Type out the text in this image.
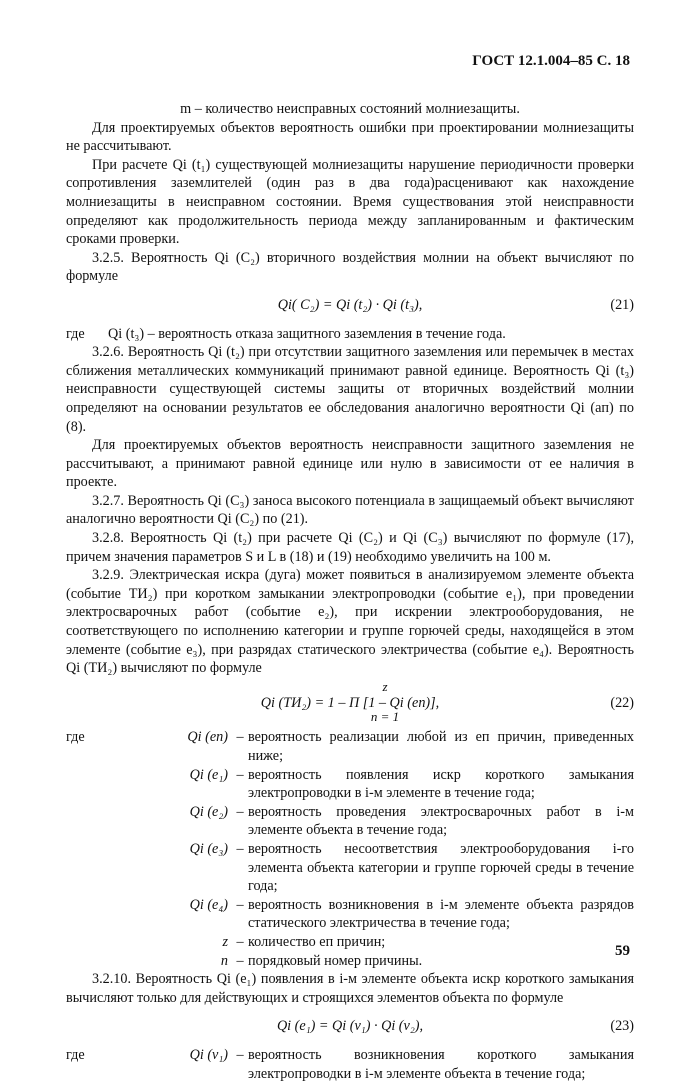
ГОСТ 12.1.004–85 С. 18

m – количество неисправных состояний молниезащиты.

Для проектируемых объектов вероятность ошибки при проектировании молниезащиты не рассчитывают.

При расчете Qi (t₁) существующей молниезащиты нарушение периодичности проверки сопротивления заземлителей (один раз в два года)расценивают как нахождение молниезащиты в неисправном состоянии. Время существования этой неисправности определяют как продолжительность периода между запланированным и фактическим сроками проверки.

3.2.5. Вероятность Qi (C₂) вторичного воздействия молнии на объект вычисляют по формуле

Qi( C₂) = Qi (t₂) · Qi (t₃),	(21)
где	Qi (t₃) – вероятность отказа защитного заземления в течение года.

3.2.6. Вероятность Qi (t₂) при отсутствии защитного заземления или перемычек в местах сближения металлических коммуникаций принимают равной единице. Вероятность Qi (t₃) неисправности существующей системы защиты от вторичных воздействий молнии определяют на основании результатов ее обследования аналогично вероятности Qi (aп) по (8).

Для проектируемых объектов вероятность неисправности защитного заземления не рассчитывают, а принимают равной единице или нулю в зависимости от ее наличия в проекте.

3.2.7. Вероятность Qi (C₃) заноса высокого потенциала в защищаемый объект вычисляют аналогично вероятности Qi (C₂) по (21).

3.2.8. Вероятность Qi (t₂) при расчете Qi (C₂) и Qi (C₃) вычисляют по формуле (17), причем значения параметров S и L в (18) и (19) необходимо увеличить на 100 м.

3.2.9. Электрическая искра (дуга) может появиться в анализируемом элементе объекта (событие ТИ₂) при коротком замыкании электропроводки (событие e₁), при проведении электросварочных работ (событие e₂), при искрении электрооборудования, не соответствующего по исполнению категории и группе горючей среды, находящейся в этом элементе (событие e₃), при разрядах статического электричества (событие e₄). Вероятность Qi (ТИ₂) вычисляют по формуле

z
Qi (ТИ₂) = 1 – Π [1 – Qi (eп)],	(22)
n = 1
где	Qi (eп)	–	вероятность реализации любой из eп причин, приведенных ниже;
	Qi (e₁)	–	вероятность появления искр короткого замыкания электропроводки в i-м элементе в течение года;
	Qi (e₂)	–	вероятность проведения электросварочных работ в i-м элементе объекта в течение года;
	Qi (e₃)	–	вероятность несоответствия электрооборудования i-го элемента объекта категории и группе горючей среды в течение года;
	Qi (e₄)	–	вероятность возникновения в i-м элементе объекта разрядов статического электричества в течение года;
	z	–	количество eп причин;
	n	–	порядковый номер причины.

3.2.10. Вероятность Qi (e₁) появления в i-м элементе объекта искр короткого замыкания вычисляют только для действующих и строящихся элементов объекта по формуле

Qi (e₁) = Qi (v₁) · Qi (v₂),	(23)
где	Qi (v₁)	–	вероятность возникновения короткого замыкания электропроводки в i-м элементе объекта в течение года;
59
